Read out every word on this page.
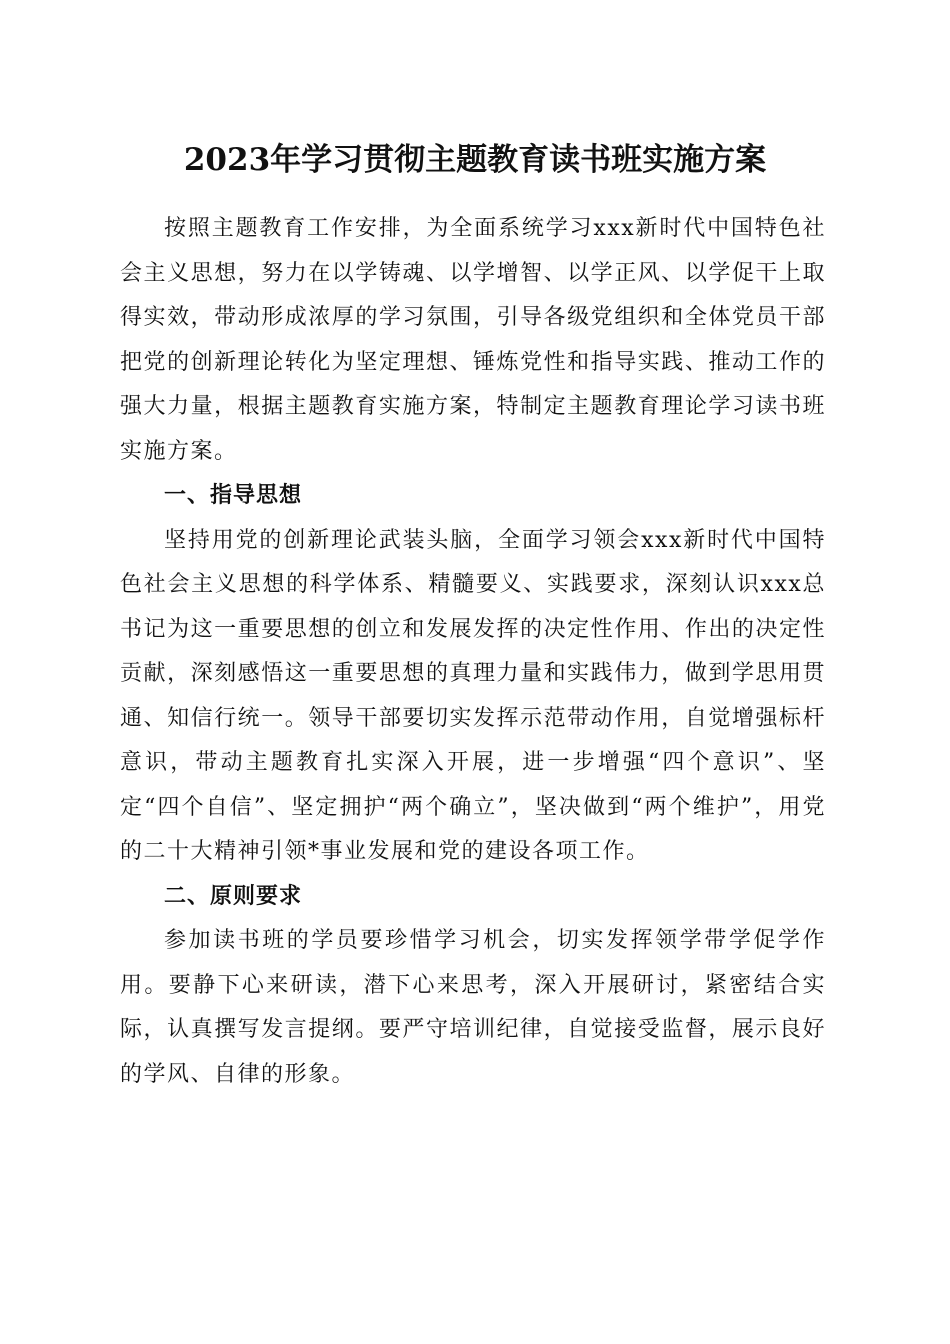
2023年学习贯彻主题教育读书班实施方案

按照主题教育工作安排，为全面系统学习xxx新时代中国特色社会主义思想，努力在以学铸魂、以学增智、以学正风、以学促干上取得实效，带动形成浓厚的学习氛围，引导各级党组织和全体党员干部把党的创新理论转化为坚定理想、锤炼党性和指导实践、推动工作的强大力量，根据主题教育实施方案，特制定主题教育理论学习读书班实施方案。

一、指导思想

坚持用党的创新理论武装头脑，全面学习领会xxx新时代中国特色社会主义思想的科学体系、精髓要义、实践要求，深刻认识xxx总书记为这一重要思想的创立和发展发挥的决定性作用、作出的决定性贡献，深刻感悟这一重要思想的真理力量和实践伟力，做到学思用贯通、知信行统一。领导干部要切实发挥示范带动作用，自觉增强标杆意识，带动主题教育扎实深入开展，进一步增强“四个意识”、坚定“四个自信”、坚定拥护“两个确立”，坚决做到“两个维护”，用党的二十大精神引领*事业发展和党的建设各项工作。

二、原则要求

参加读书班的学员要珍惜学习机会，切实发挥领学带学促学作用。要静下心来研读，潜下心来思考，深入开展研讨，紧密结合实际，认真撰写发言提纲。要严守培训纪律，自觉接受监督，展示良好的学风、自律的形象。
